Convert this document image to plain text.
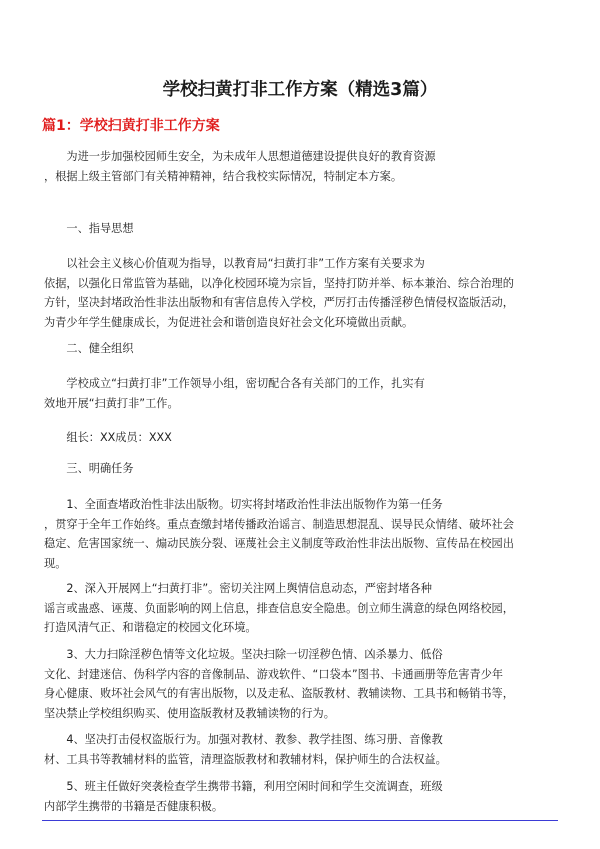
学校扫黄打非工作方案（精选3篇）
篇1：学校扫黄打非工作方案

　　为进一步加强校园师生安全，为未成年人思想道德建设提供良好的教育资源
，根据上级主管部门有关精神精神，结合我校实际情况，特制定本方案。

　　一、指导思想

　　以社会主义核心价值观为指导，以教育局“扫黄打非”工作方案有关要求为
依据，以强化日常监管为基础，以净化校园环境为宗旨，坚持打防并举、标本兼治、综合治理的
方针，坚决封堵政治性非法出版物和有害信息传入学校，严厉打击传播淫秽色情侵权盗版活动，
为青少年学生健康成长，为促进社会和谐创造良好社会文化环境做出贡献。

　　二、健全组织

　　学校成立“扫黄打非”工作领导小组，密切配合各有关部门的工作，扎实有
效地开展“扫黄打非”工作。

　　组长：XX成员：XXX

　　三、明确任务

　　1、全面查堵政治性非法出版物。切实将封堵政治性非法出版物作为第一任务
，贯穿于全年工作始终。重点查缴封堵传播政治谣言、制造思想混乱、误导民众情绪、破坏社会
稳定、危害国家统一、煽动民族分裂、诬蔑社会主义制度等政治性非法出版物、宣传品在校园出
现。

　　2、深入开展网上“扫黄打非”。密切关注网上舆情信息动态，严密封堵各种
谣言或蛊惑、诬蔑、负面影响的网上信息，排查信息安全隐患。创立师生满意的绿色网络校园，
打造风清气正、和谐稳定的校园文化环境。

　　3、大力扫除淫秽色情等文化垃圾。坚决扫除一切淫秽色情、凶杀暴力、低俗
文化、封建迷信、伪科学内容的音像制品、游戏软件、“口袋本”图书、卡通画册等危害青少年
身心健康、败坏社会风气的有害出版物，以及走私、盗版教材、教辅读物、工具书和畅销书等，
坚决禁止学校组织购买、使用盗版教材及教辅读物的行为。

　　4、坚决打击侵权盗版行为。加强对教材、教参、教学挂图、练习册、音像教
材、工具书等教辅材料的监管，清理盗版教材和教辅材料，保护师生的合法权益。

　　5、班主任做好突袭检查学生携带书籍，利用空闲时间和学生交流调查，班级
内部学生携带的书籍是否健康积极。
